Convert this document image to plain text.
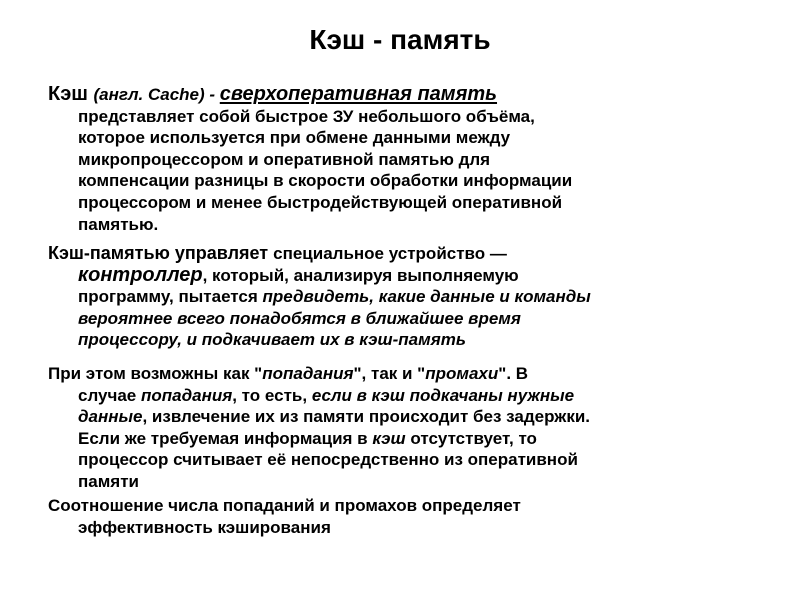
Кэш - память
Кэш (англ. Cache) - сверхоперативная память
представляет собой быстрое ЗУ небольшого объёма,
которое используется при обмене данными между
микропроцессором и оперативной памятью для
компенсации разницы в скорости обработки информации
процессором и менее быстродействующей оперативной
памятью.
Кэш-памятью управляет специальное устройство —
контроллер, который, анализируя выполняемую
программу, пытается предвидеть, какие данные и команды
вероятнее всего понадобятся в ближайшее время
процессору, и подкачивает их в кэш-память
При этом возможны как "попадания", так и "промахи". В
случае попадания, то есть, если в кэш подкачаны нужные
данные, извлечение их из памяти происходит без задержки.
Если же требуемая информация в кэш отсутствует, то
процессор считывает её непосредственно из оперативной
памяти
Соотношение числа попаданий и промахов определяет
эффективность кэширования
